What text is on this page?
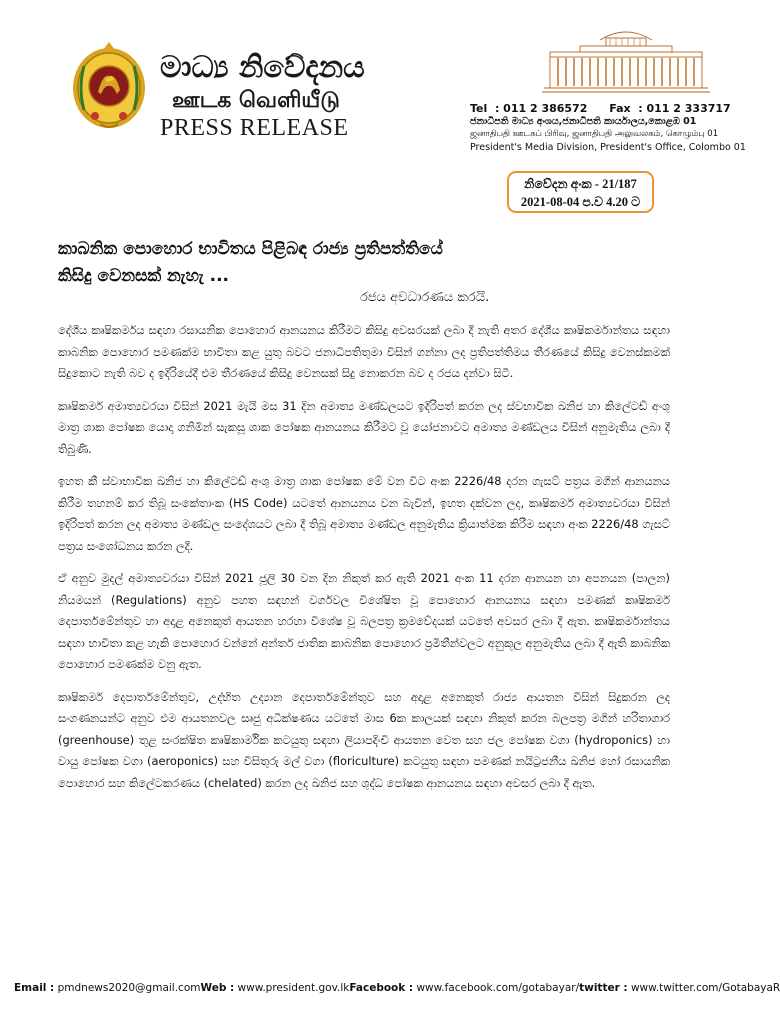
මාධ්‍ය නිවේදනය
ஊடக வெளியீடு
PRESS RELEASE
Tel  : 011 2 386572 Fax  : 011 2 333717
ජනාධිපති මාධ්‍ය අංශය,ජනාධිපති කාර්යාලය,කොළඹ 01
ஜனாதிபதி ஊடகப் பிரிவு, ஜனாதிபதி அலுவலகம், கொழும்பு 01
President's Media Division, President's Office, Colombo 01
නිවේදන අංක - 21/187
2021-08-04 ප.ව 4.20 ට
කාබනික පොහොර භාවිතය පිළිබඳ රාජ්‍ය ප්‍රතිපත්තියේ
කිසිදු වෙනසක් නැහැ ...
රජය අවධාරණය කරයි.

දේශීය කෘෂිකර්මය සඳහා රසායනික පොහොර ආනයනය කිරීමට කිසිදු අවසරයක් ලබා දී නැති අතර දේශීය කෘෂිකර්මාන්තය සඳහා කාබනික පොහොර පමණක්ම භාවිතා කළ යුතු බවට ජනාධිපතිතුමා විසින් ගන්නා ලද ප්‍රතිපත්තිමය තීරණයේ කිසිදු වෙනස්කමක් සිදුකොට නැති බව ද ඉදිරියේදී එම තීරණයේ කිසිදු වෙනසක් සිදු නොකරන බව ද රජය දන්වා සිටී.

කෘෂිකර්ම අමාත්‍යවරයා විසින් 2021 මැයි මස 31 දින අමාත්‍ය මණ්ඩලයට ඉදිරිපත් කරන ලද ස්වභාවික ඛනිජ හා කිලේටඩ් අංශු මාත්‍ර ශාක පෝෂක යොදා ගනිමින් සැකසූ ශාක පෝෂක ආනයනය කිරීමට වූ යෝජනාවට අමාත්‍ය මණ්ඩලය විසින් අනුමැතිය ලබා දී තිබුණි.

ඉහත කී ස්වාභාවික ඛනිජ හා කිලේටඩ් අංශු මාත්‍ර ශාක පෝෂක මේ වන විට අංක 2226/48 දරන ගැසට් පත්‍රය මගින් ආනයනය කිරීම තහනම් කර තිබූ සංකේතාංක (HS Code) යටතේ ආනයනය වන බැවින්, ඉහත දක්වන ලද, කෘෂිකර්ම අමාත්‍යවරයා විසින් ඉදිරිපත් කරන ලද අමාත්‍ය මණ්ඩල සංදේශයට ලබා දී තිබූ අමාත්‍ය මණ්ඩල අනුමැතිය ක්‍රියාත්මක කිරීම සඳහා අංක 2226/48 ගැසට් පත්‍රය සංශෝධනය කරන ලදී.

ඒ අනුව මුදල් අමාත්‍යවරයා විසින් 2021 ජූලි 30 වන දින නිකුත් කර ඇති 2021 අංක 11 දරන ආනයන හා අපනයන (පාලන) නියමයන් (Regulations) අනුව පහත සඳහන් වර්ගවල විශේෂිත වූ පොහොර ආනයනය සඳහා පමණක් කෘෂිකර්ම දෙපාර්තමේන්තුව හා අදාළ අනෙකුත් ආයතන හරහා විශේෂ වූ බලපත්‍ර ක්‍රමවේදයක් යටතේ අවසර ලබා දී ඇත. කෘෂිකර්මාන්තය සඳහා භාවිතා කළ හැකි පොහොර වන්නේ අන්තර් ජාතික කාබනික පොහොර ප්‍රමිතීන්වලට අනුකූල අනුමැතිය ලබා දී ඇති කාබනික පොහොර පමණක්ම වනු ඇත.

කෘෂිකර්ම දෙපාර්තමේන්තුව, උද්භිත උද්‍යාන දෙපාර්තමේන්තුව සහ අදාළ අනෙකුත් රාජ්‍ය ආයතන විසින් සිදුකරන ලද සංගණනයන්ට අනුව එම ආයතනවල සෘජු අධීක්ෂණය යටතේ මාස 6ක කාලයක් සඳහා නිකුත් කරන බලපත්‍ර මගින් හරිතාගාර (greenhouse) තුළ සංරක්ෂිත කෘෂිකාර්මික කටයුතු සඳහා ලියාපදිංචි ආයතන වෙත සහ ජල පෝෂක වගා (hydroponics) හා වායු පෝෂක වගා (aeroponics) සහ විසිතුරු මල් වගා (floriculture) කටයුතු සඳහා පමණක් නයිට්‍රජනීය ඛනිජ හෝ රසායනික පොහොර සහ කිලේටකරණය (chelated) කරන ලද ඛනිජ සහ ශුද්ධ පෝෂක ආනයනය සඳහා අවසර ලබා දී ඇත.

Email : pmdnews2020@gmail.com Web : www.president.gov.lk Facebook : www.facebook.com/gotabayar/ twitter : www.twitter.com/GotabayaR
